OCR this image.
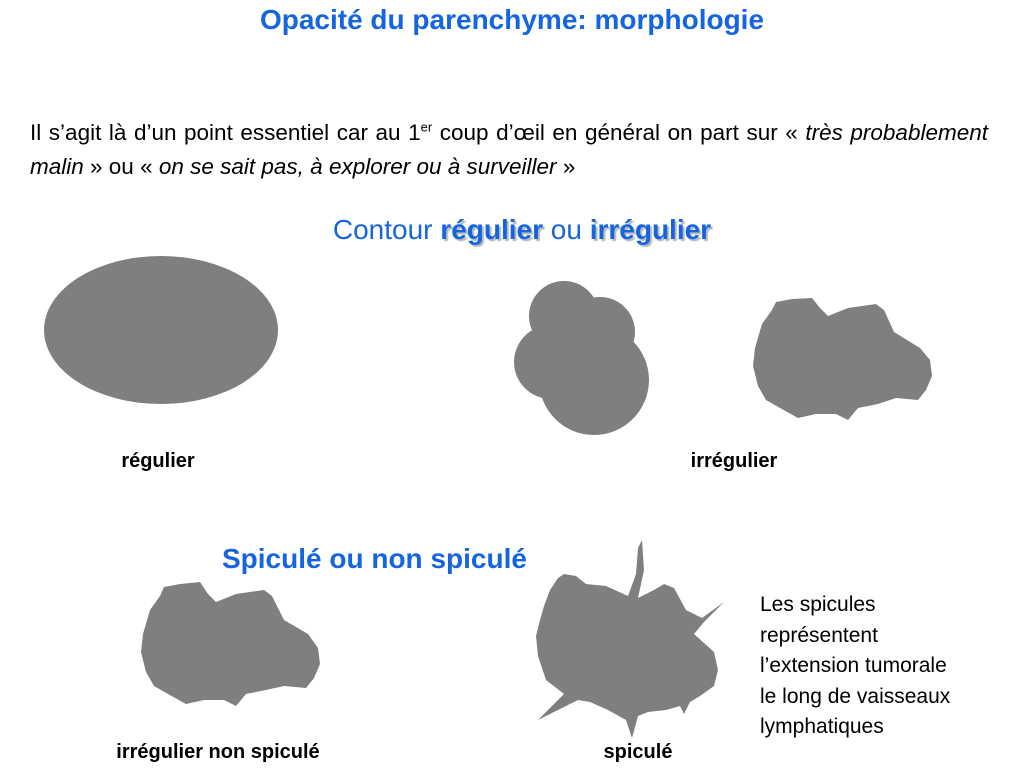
Opacité du parenchyme: morphologie
Il s’agit là d’un point essentiel car au 1er coup d’œil en général on part sur « très probablement malin » ou « on se sait pas, à explorer ou à surveiller »
Contour régulier ou irrégulier
régulier	irrégulier
Spiculé ou non spiculé
irrégulier non spiculé	spiculé
Les spicules
représentent
l’extension tumorale
le long de vaisseaux
lymphatiques
